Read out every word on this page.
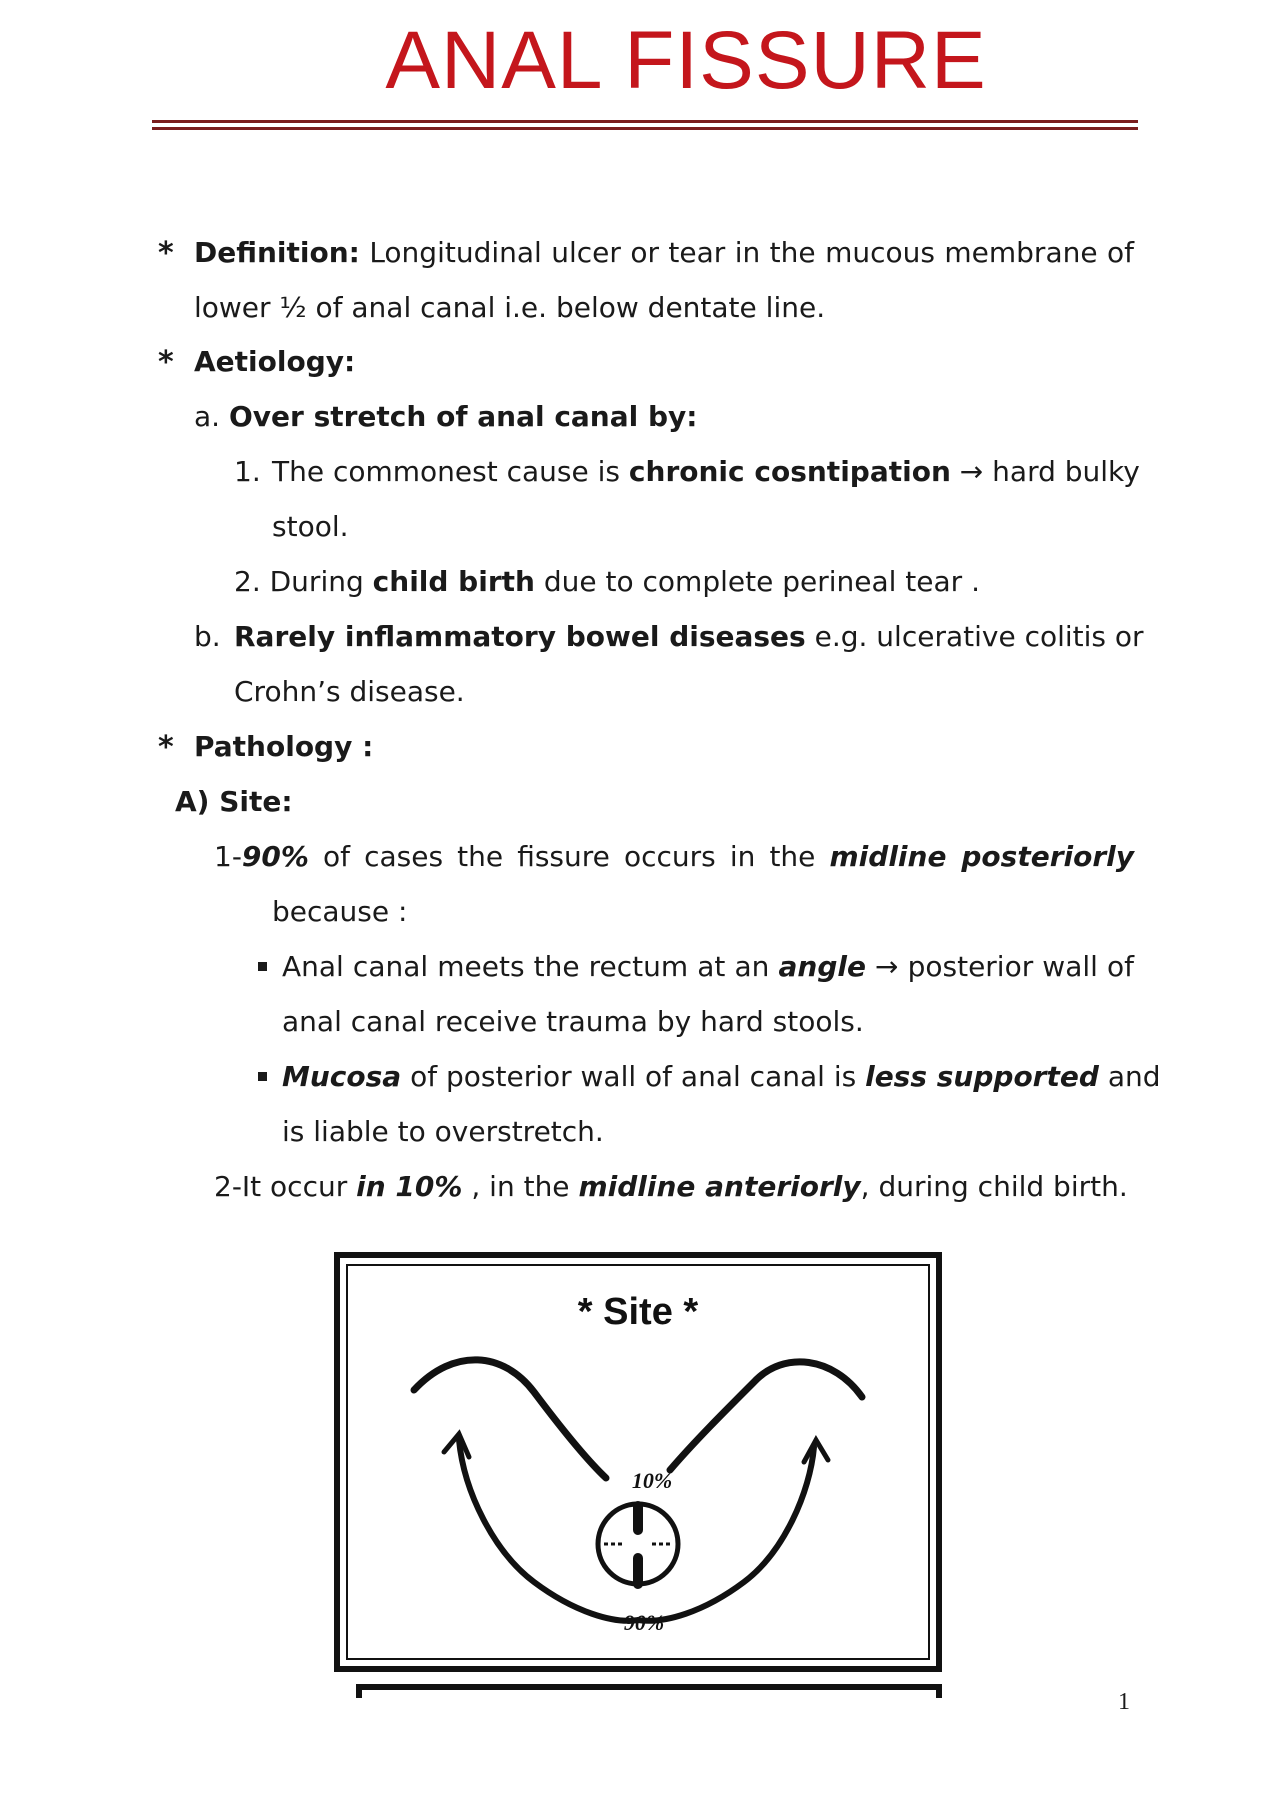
ANAL FISSURE
* Definition: Longitudinal ulcer or tear in the mucous membrane of
lower ½ of anal canal i.e. below dentate line.
* Aetiology:
a. Over stretch of anal canal by:
1. The commonest cause is chronic cosntipation → hard bulky
stool.
2. During child birth due to complete perineal tear .
b. Rarely inflammatory bowel diseases e.g. ulcerative colitis or
Crohn’s disease.
* Pathology :
A) Site:
1-90% of cases the fissure occurs in the midline posteriorly
because :
Anal canal meets the rectum at an angle → posterior wall of
anal canal receive trauma by hard stools.
Mucosa of posterior wall of anal canal is less supported and
is liable to overstretch.
2-It occur in 10% , in the midline anteriorly, during child birth.
* Site *
10%
90%
1
